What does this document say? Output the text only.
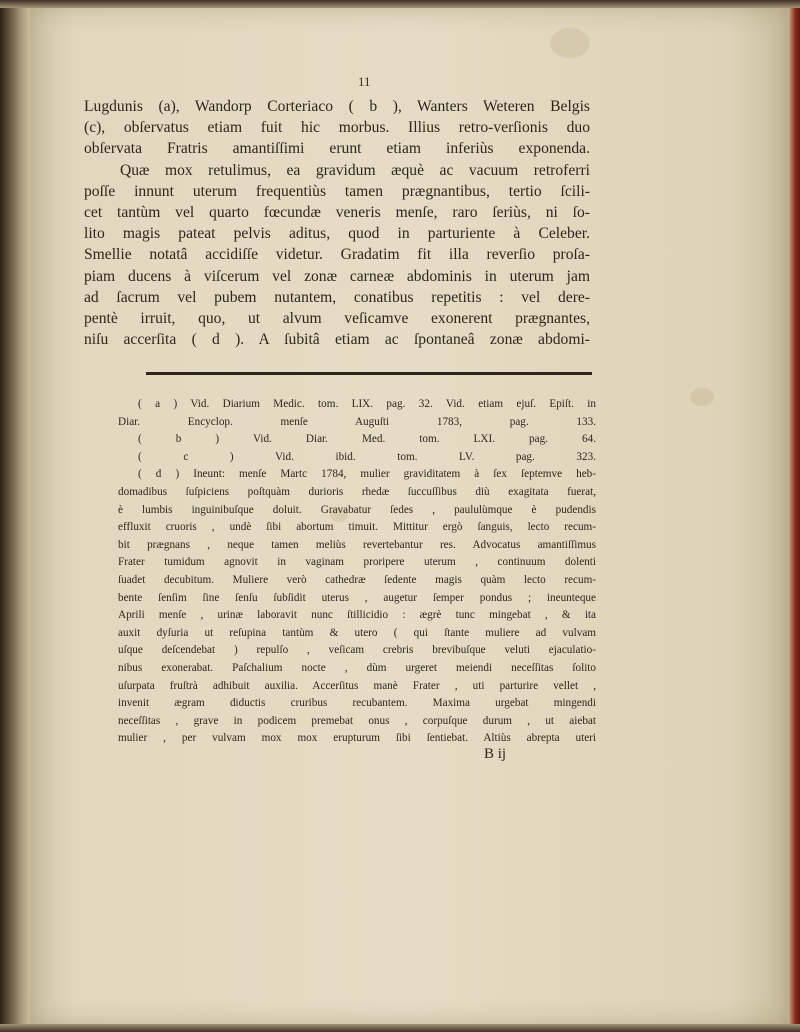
11
Lugdunis (a), Wandorp Corteriaco ( b ), Wanters Weteren Belgis
(c), obſervatus etiam fuit hic morbus. Illius retro-verſionis duo
obſervata Fratris amantiſſimi erunt etiam inferiùs exponenda.
Quæ mox retulimus, ea gravidum æquè ac vacuum retroferri
poſſe innunt uterum frequentiùs tamen prægnantibus, tertio ſcili-
cet tantùm vel quarto fœcundæ veneris menſe, raro ſeriùs, ni ſo-
lito magis pateat pelvis aditus, quod in parturiente à Celeber.
Smellie notatâ accidiſſe videtur. Gradatim fit illa reverſio proſa-
piam ducens à viſcerum vel zonæ carneæ abdominis in uterum jam
ad ſacrum vel pubem nutantem, conatibus repetitis : vel dere-
pentè irruit, quo, ut alvum veſicamve exonerent prægnantes,
niſu accerſita ( d ). A ſubitâ etiam ac ſpontaneâ zonæ abdomi-
( a ) Vid. Diarium Medic. tom. LIX. pag. 32. Vid. etiam ejuſ. Epiſt. in
Diar. Encyclop. menſe Auguſti 1783, pag. 133.
( b ) Vid. Diar. Med. tom. LXI. pag. 64.
( c ) Vid. ibid. tom. LV. pag. 323.
( d ) Ineunt: menſe Martc 1784, mulier graviditatem à ſex ſeptemve heb-
domadibus ſuſpiciens poſtquàm durioris rhedæ ſuccuſſibus diù exagitata fuerat,
è lumbis inguinibuſque doluit. Gravabatur ſedes , paululùmque è pudendis
effluxit cruoris , undè ſibi abortum timuit. Mittitur ergò ſanguis, lecto recum-
bit prægnans , neque tamen meliùs revertebantur res. Advocatus amantiſſimus
Frater tumidum agnovit in vaginam proripere uterum , continuum dolenti
ſuadet decubitum. Muliere verò cathedræ ſedente magis quàm lecto recum-
bente ſenſim ſine ſenſu ſubſidit uterus , augetur ſemper pondus ; ineunteque
Aprili menſe , urinæ laboravit nunc ſtillicidio : ægrè tunc mingebat , & ita
auxit dyſuria ut reſupina tantùm & utero ( qui ſtante muliere ad vulvam
uſque deſcendebat ) repulſo , veſicam crebris brevibuſque veluti ejaculatio-
nibus exonerabat. Paſchalium nocte , dùm urgeret meiendi neceſſitas ſolito
uſurpata fruſtrà adhibuit auxilia. Accerſitus manè Frater , uti parturire vellet ,
invenit ægram diductis cruribus recubantem. Maxima urgebat mingendi
neceſſitas , grave in podicem premebat onus , corpuſque durum , ut aiebat
mulier , per vulvam mox mox erupturum ſibi ſentiebat. Altiùs abrepta uteri
B ij
